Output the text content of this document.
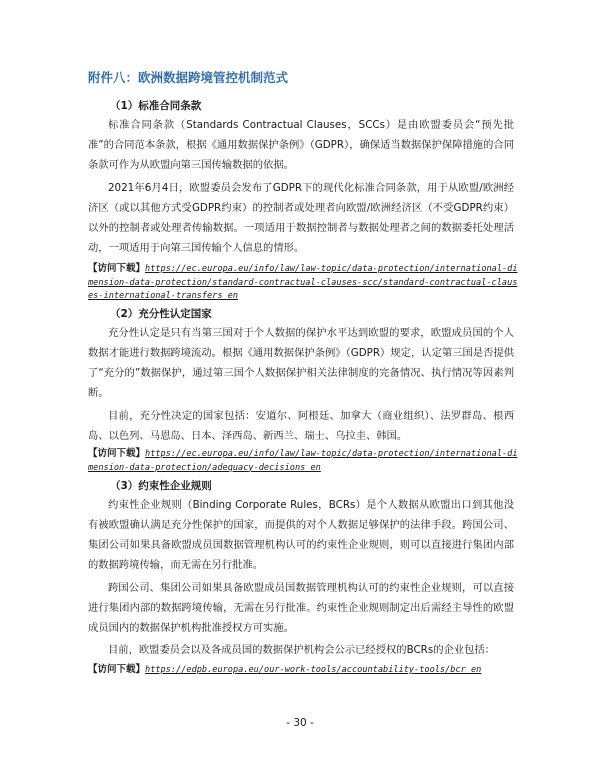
附件八：欧洲数据跨境管控机制范式
（1）标准合同条款
标准合同条款（Standards Contractual Clauses，SCCs）是由欧盟委员会“预先批准”的合同范本条款，根据《通用数据保护条例》（GDPR），确保适当数据保护保障措施的合同条款可作为从欧盟向第三国传输数据的依据。
2021年6月4日，欧盟委员会发布了GDPR下的现代化标准合同条款，用于从欧盟/欧洲经济区（或以其他方式受GDPR约束）的控制者或处理者向欧盟/欧洲经济区（不受GDPR约束）以外的控制者或处理者传输数据。一项适用于数据控制者与数据处理者之间的数据委托处理活动，一项适用于向第三国传输个人信息的情形。
【访问下载】https://ec.europa.eu/info/law/law-topic/data-protection/international-dimension-data-protection/standard-contractual-clauses-scc/standard-contractual-clauses-international-transfers_en
（2）充分性认定国家
充分性认定是只有当第三国对于个人数据的保护水平达到欧盟的要求，欧盟成员国的个人数据才能进行数据跨境流动。根据《通用数据保护条例》（GDPR）规定，认定第三国是否提供了“充分的”数据保护，通过第三国个人数据保护相关法律制度的完备情况、执行情况等因素判断。
目前，充分性决定的国家包括：安道尔、阿根廷、加拿大（商业组织）、法罗群岛、根西岛、以色列、马恩岛、日本、泽西岛、新西兰、瑞士、乌拉圭、韩国。
【访问下载】https://ec.europa.eu/info/law/law-topic/data-protection/international-dimension-data-protection/adequacy-decisions_en
（3）约束性企业规则
约束性企业规则（Binding Corporate Rules，BCRs）是个人数据从欧盟出口到其他没有被欧盟确认满足充分性保护的国家，而提供的对个人数据足够保护的法律手段。跨国公司、集团公司如果具备欧盟成员国数据管理机构认可的约束性企业规则，则可以直接进行集团内部的数据跨境传输，而无需在另行批准。
跨国公司、集团公司如果具备欧盟成员国数据管理机构认可的约束性企业规则，可以直接进行集团内部的数据跨境传输，无需在另行批准。约束性企业规则制定出后需经主导性的欧盟成员国内的数据保护机构批准授权方可实施。
目前，欧盟委员会以及各成员国的数据保护机构会公示已经授权的BCRs的企业包括：
【访问下载】https://edpb.europa.eu/our-work-tools/accountability-tools/bcr_en
- 30 -
